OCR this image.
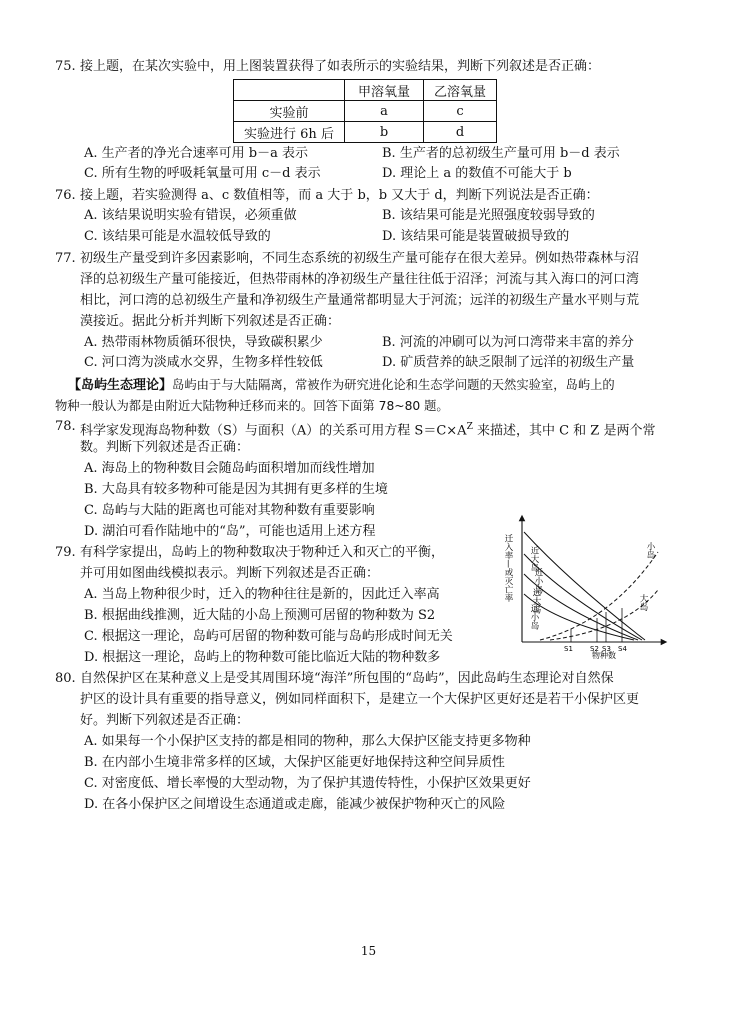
75. 接上题，在某次实验中，用上图装置获得了如表所示的实验结果，判断下列叙述是否正确：
	甲溶氧量	乙溶氧量
实验前	a	c
实验进行 6h 后	b	d
A. 生产者的净光合速率可用 b－a 表示	B. 生产者的总初级生产量可用 b－d 表示
C. 所有生物的呼吸耗氧量可用 c－d 表示	D. 理论上 a 的数值不可能大于 b
76. 接上题，若实验测得 a、c 数值相等，而 a 大于 b，b 又大于 d，判断下列说法是否正确：
A. 该结果说明实验有错误，必须重做	B. 该结果可能是光照强度较弱导致的
C. 该结果可能是水温较低导致的	D. 该结果可能是装置破损导致的
77. 初级生产量受到许多因素影响，不同生态系统的初级生产量可能存在很大差异。例如热带森林与沼
泽的总初级生产量可能接近，但热带雨林的净初级生产量往往低于沼泽；河流与其入海口的河口湾
相比，河口湾的总初级生产量和净初级生产量通常都明显大于河流；远洋的初级生产量水平则与荒
漠接近。据此分析并判断下列叙述是否正确：
A. 热带雨林物质循环很快，导致碳积累少	B. 河流的冲刷可以为河口湾带来丰富的养分
C. 河口湾为淡咸水交界，生物多样性较低	D. 矿质营养的缺乏限制了远洋的初级生产量
【岛屿生态理论】岛屿由于与大陆隔离，常被作为研究进化论和生态学问题的天然实验室，岛屿上的
物种一般认为都是由附近大陆物种迁移而来的。回答下面第 78~80 题。
78. 科学家发现海岛物种数（S）与面积（A）的关系可用方程 $S=C\times A^Z$ 来描述，其中 C 和 Z 是两个常
数。判断下列叙述是否正确：
A. 海岛上的物种数目会随岛屿面积增加而线性增加
B. 大岛具有较多物种可能是因为其拥有更多样的生境
C. 岛屿与大陆的距离也可能对其物种数有重要影响
D. 湖泊可看作陆地中的“岛”，可能也适用上述方程
79. 有科学家提出，岛屿上的物种数取决于物种迁入和灭亡的平衡，
并可用如图曲线模拟表示。判断下列叙述是否正确：
A. 当岛上物种很少时，迁入的物种往往是新的，因此迁入率高
B. 根据曲线推测，近大陆的小岛上预测可居留的物种数为 S2
C. 根据这一理论，岛屿可居留的物种数可能与岛屿形成时间无关
D. 根据这一理论，岛屿上的物种数可能比临近大陆的物种数多
迁入率—或灭亡率
物种数
近大岛
近小岛
远大岛
远小岛
小岛
大岛
S1 S2 S3 S4
80. 自然保护区在某种意义上是受其周围环境“海洋”所包围的“岛屿”，因此岛屿生态理论对自然保
护区的设计具有重要的指导意义，例如同样面积下，是建立一个大保护区更好还是若干小保护区更
好。判断下列叙述是否正确：
A. 如果每一个小保护区支持的都是相同的物种，那么大保护区能支持更多物种
B. 在内部小生境非常多样的区域，大保护区能更好地保持这种空间异质性
C. 对密度低、增长率慢的大型动物，为了保护其遗传特性，小保护区效果更好
D. 在各小保护区之间增设生态通道或走廊，能减少被保护物种灭亡的风险
15
